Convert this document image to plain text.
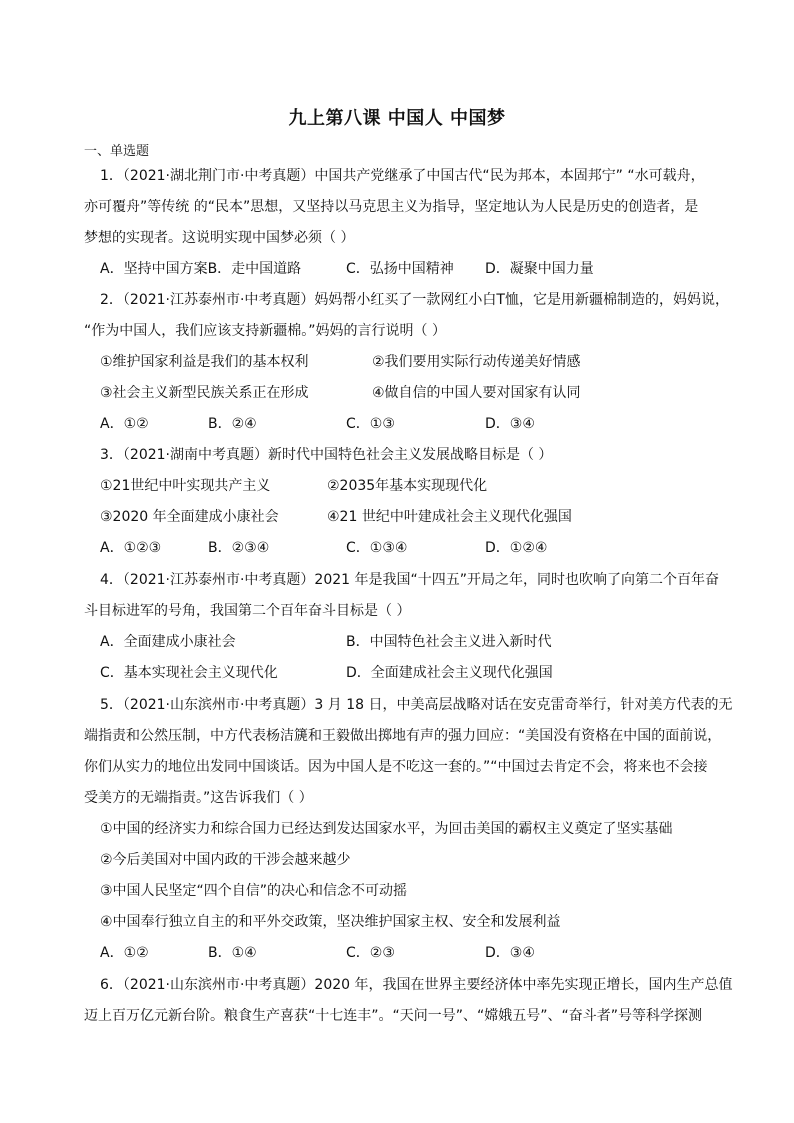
九上第八课 中国人 中国梦
一、单选题
1．（2021·湖北荆门市·中考真题）中国共产党继承了中国古代“民为邦本，本固邦宁” “水可载舟，
亦可覆舟”等传统 的“民本”思想，又坚持以马克思主义为指导，坚定地认为人民是历史的创造者，是
梦想的实现者。这说明实现中国梦必须（ ）
A．坚持中国方案B．走中国道路	C．弘扬中国精神 D．凝聚中国力量
2．（2021·江苏泰州市·中考真题）妈妈帮小红买了一款网红小白T恤，它是用新疆棉制造的，妈妈说，
“作为中国人，我们应该支持新疆棉。”妈妈的言行说明（ ）
①维护国家利益是我们的基本权利	②我们要用实际行动传递美好情感
③社会主义新型民族关系正在形成	④做自信的中国人要对国家有认同
A．①②	B．②④	C．①③	D．③④
3．（2021·湖南中考真题）新时代中国特色社会主义发展战略目标是（ ）
①21世纪中叶实现共产主义	②2035年基本实现现代化
③2020 年全面建成小康社会	④21 世纪中叶建成社会主义现代化强国
A．①②③	B．②③④	C．①③④	D．①②④
4．（2021·江苏泰州市·中考真题）2021 年是我国“十四五”开局之年，同时也吹响了向第二个百年奋
斗目标进军的号角，我国第二个百年奋斗目标是（ ）
A．全面建成小康社会	B．中国特色社会主义进入新时代
C．基本实现社会主义现代化	D．全面建成社会主义现代化强国
5．（2021·山东滨州市·中考真题）3 月 18 日，中美高层战略对话在安克雷奇举行，针对美方代表的无
端指责和公然压制，中方代表杨洁篪和王毅做出掷地有声的强力回应：“美国没有资格在中国的面前说，
你们从实力的地位出发同中国谈话。因为中国人是不吃这一套的。”“中国过去肯定不会，将来也不会接
受美方的无端指责。”这告诉我们（ ）
①中国的经济实力和综合国力已经达到发达国家水平，为回击美国的霸权主义奠定了坚实基础
②今后美国对中国内政的干涉会越来越少
③中国人民坚定“四个自信”的决心和信念不可动摇
④中国奉行独立自主的和平外交政策，坚决维护国家主权、安全和发展利益
A．①②	B．①④	C．②③	D．③④
6．（2021·山东滨州市·中考真题）2020 年，我国在世界主要经济体中率先实现正增长，国内生产总值
迈上百万亿元新台阶。粮食生产喜获“十七连丰”。“天问一号”、“嫦娥五号”、“奋斗者”号等科学探测
